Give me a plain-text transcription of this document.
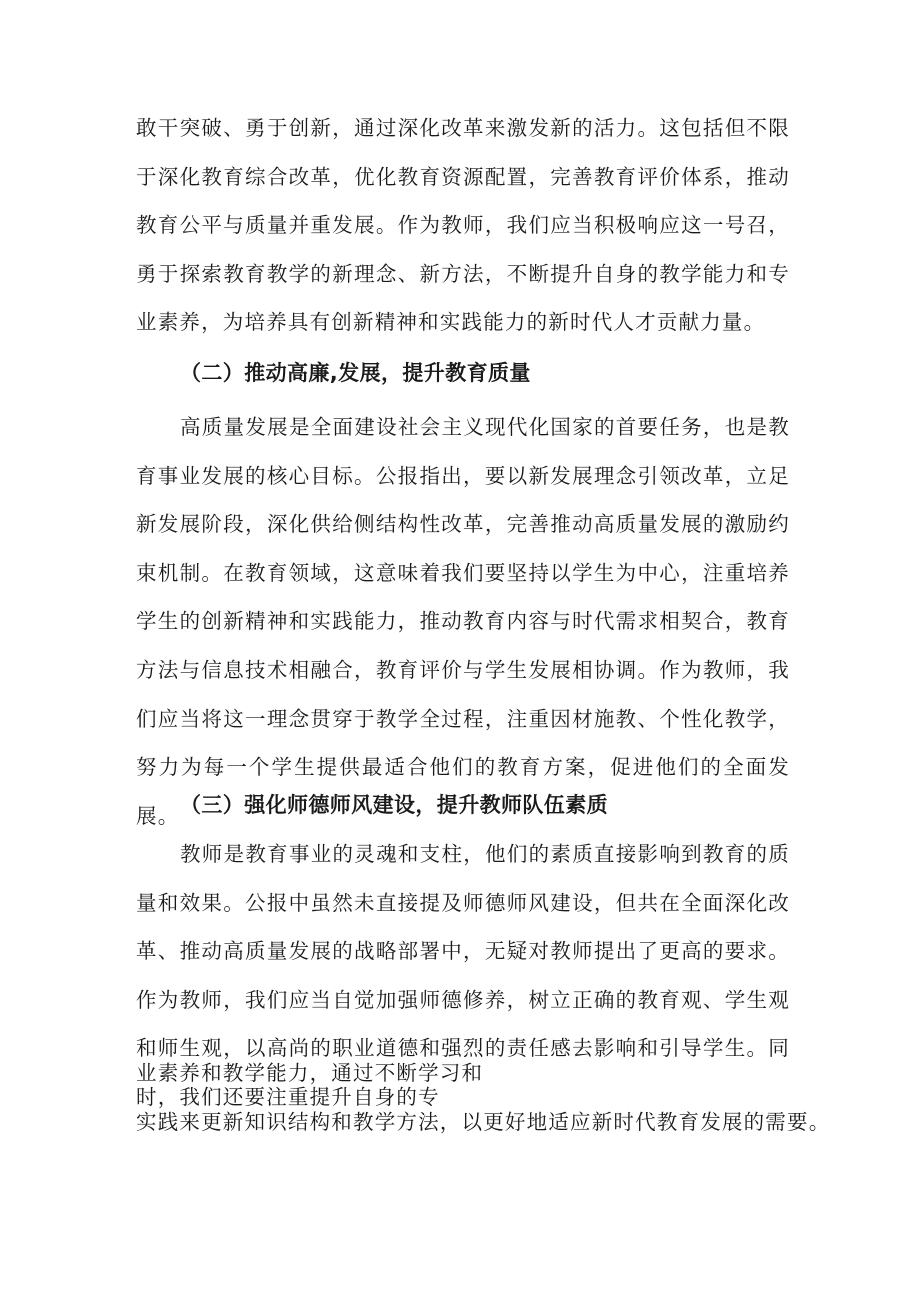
敢干突破、勇于创新，通过深化改革来激发新的活力。这包括但不限于深化教育综合改革，优化教育资源配置，完善教育评价体系，推动教育公平与质量并重发展。作为教师，我们应当积极响应这一号召，勇于探索教育教学的新理念、新方法，不断提升自身的教学能力和专业素养，为培养具有创新精神和实践能力的新时代人才贡献力量。

（二）推动高廉,发展，提升教育质量

高质量发展是全面建设社会主义现代化国家的首要任务，也是教育事业发展的核心目标。公报指出，要以新发展理念引领改革，立足新发展阶段，深化供给侧结构性改革，完善推动高质量发展的激励约束机制。在教育领域，这意味着我们要坚持以学生为中心，注重培养学生的创新精神和实践能力，推动教育内容与时代需求相契合，教育方法与信息技术相融合，教育评价与学生发展相协调。作为教师，我们应当将这一理念贯穿于教学全过程，注重因材施教、个性化教学，努力为每一个学生提供最适合他们的教育方案，促进他们的全面发展。 （三）强化师德师风建设，提升教师队伍素质

教师是教育事业的灵魂和支柱，他们的素质直接影响到教育的质量和效果。公报中虽然未直接提及师德师风建设，但共在全面深化改革、推动高质量发展的战略部署中，无疑对教师提出了更高的要求。作为教师，我们应当自觉加强师德修养，树立正确的教育观、学生观和师生观，以高尚的职业道德和强烈的责任感去影响和引导学生。同时，我们还要注重提升自身的专

业素养和教学能力，通过不断学习和

实践来更新知识结构和教学方法，以更好地适应新时代教育发展的需要。
